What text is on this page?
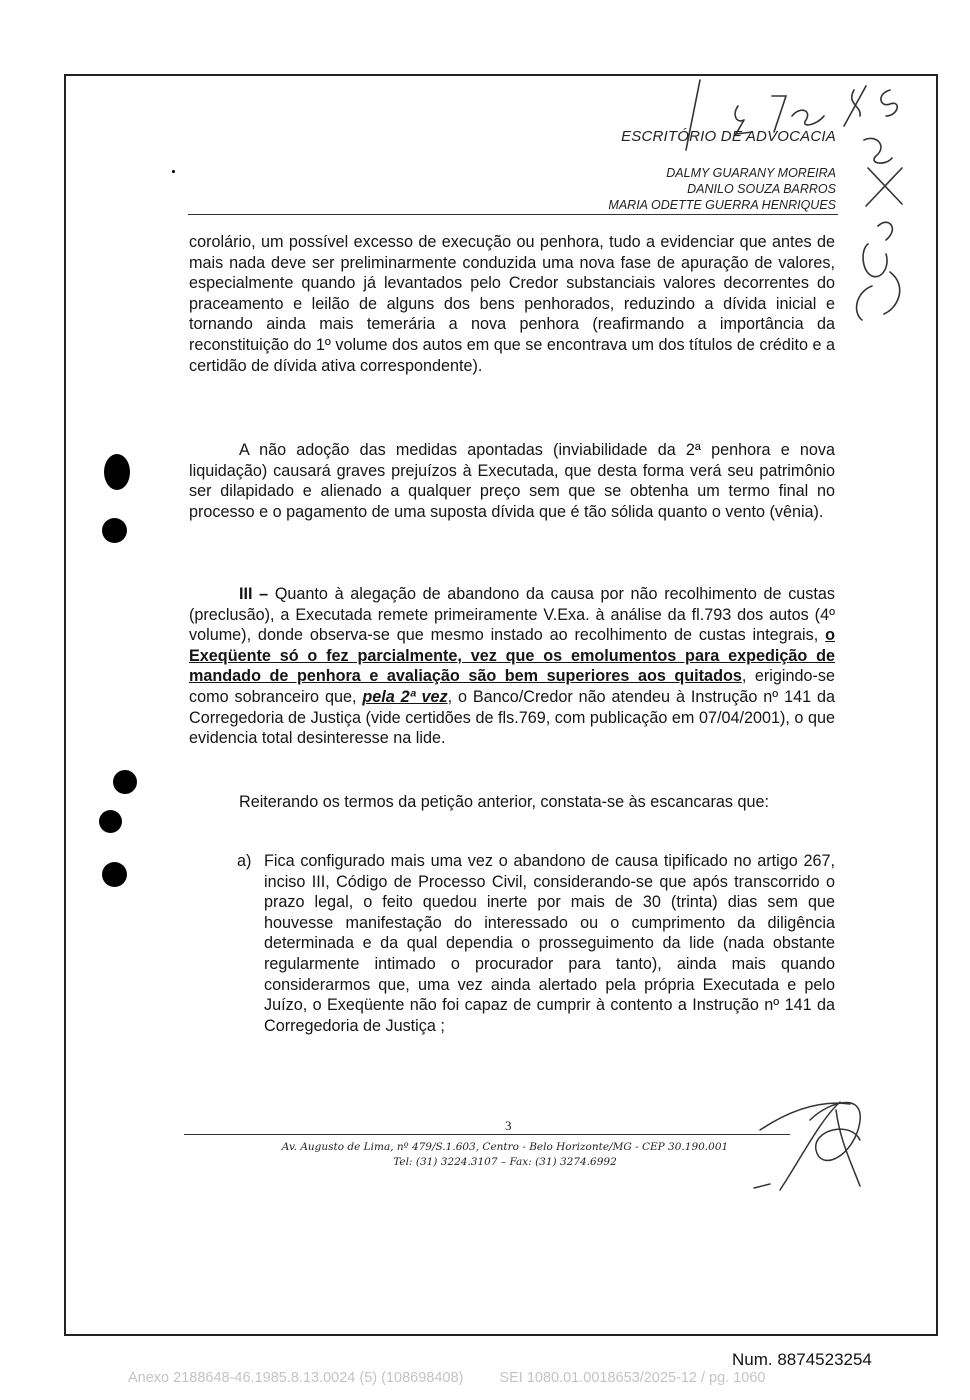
ESCRITÓRIO DE ADVOCACIA
DALMY GUARANY MOREIRA
DANILO SOUZA BARROS
MARIA ODETTE GUERRA HENRIQUES

corolário, um possível excesso de execução ou penhora, tudo a evidenciar que antes de mais nada deve ser preliminarmente conduzida uma nova fase de apuração de valores, especialmente quando já levantados pelo Credor substanciais valores decorrentes do praceamento e leilão de alguns dos bens penhorados, reduzindo a dívida inicial e tornando ainda mais temerária a nova penhora (reafirmando a importância da reconstituição do 1º volume dos autos em que se encontrava um dos títulos de crédito e a certidão de dívida ativa correspondente).

A não adoção das medidas apontadas (inviabilidade da 2ª penhora e nova liquidação) causará graves prejuízos à Executada, que desta forma verá seu patrimônio ser dilapidado e alienado a qualquer preço sem que se obtenha um termo final no processo e o pagamento de uma suposta dívida que é tão sólida quanto o vento (vênia).

III – Quanto à alegação de abandono da causa por não recolhimento de custas (preclusão), a Executada remete primeiramente V.Exa. à análise da fl.793 dos autos (4º volume), donde observa-se que mesmo instado ao recolhimento de custas integrais, o Exeqüente só o fez parcialmente, vez que os emolumentos para expedição de mandado de penhora e avaliação são bem superiores aos quitados, erigindo-se como sobranceiro que, pela 2ª vez, o Banco/Credor não atendeu à Instrução nº 141 da Corregedoria de Justiça (vide certidões de fls.769, com publicação em 07/04/2001), o que evidencia total desinteresse na lide.

Reiterando os termos da petição anterior, constata-se às escancaras que:

a) Fica configurado mais uma vez o abandono de causa tipificado no artigo 267, inciso III, Código de Processo Civil, considerando-se que após transcorrido o prazo legal, o feito quedou inerte por mais de 30 (trinta) dias sem que houvesse manifestação do interessado ou o cumprimento da diligência determinada e da qual dependia o prosseguimento da lide (nada obstante regularmente intimado o procurador para tanto), ainda mais quando considerarmos que, uma vez ainda alertado pela própria Executada e pelo Juízo, o Exeqüente não foi capaz de cumprir à contento a Instrução nº 141 da Corregedoria de Justiça ;
3
Av. Augusto de Lima, nº 479/S.1.603, Centro - Belo Horizonte/MG - CEP 30.190.001
Tel: (31) 3224.3107 – Fax: (31) 3274.6992
Num. 8874523254
Anexo 2188648-46.1985.8.13.0024 (5) (108698408) SEI 1080.01.0018653/2025-12 / pg. 1060
